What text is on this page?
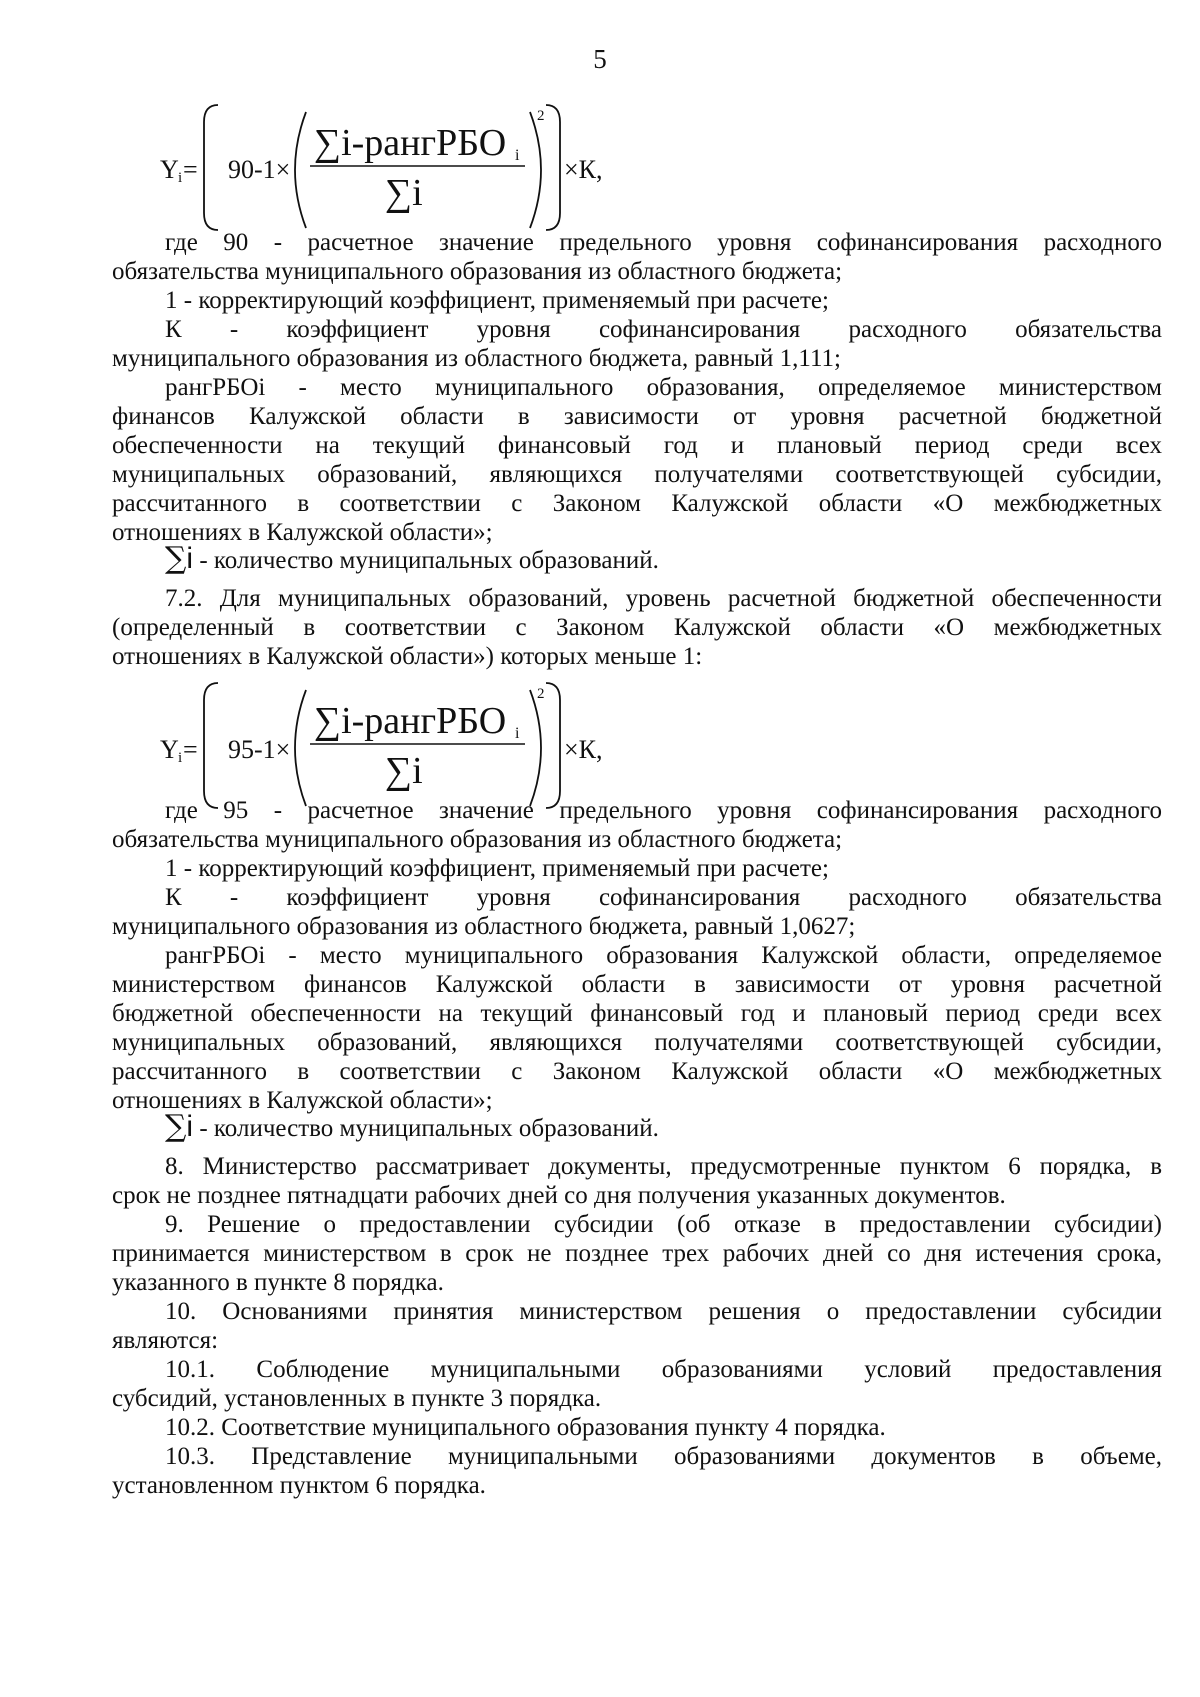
5
Y i = 90-1×
∑i-рангРБО i
∑i
2
×К,
где 90 - расчетное значение предельного уровня софинансирования расходного
обязательства муниципального образования из областного бюджета;
1 - корректирующий коэффициент, применяемый при расчете;
К - коэффициент уровня софинансирования расходного обязательства
муниципального образования из областного бюджета, равный 1,111;
рангРБОi - место муниципального образования, определяемое министерством
финансов Калужской области в зависимости от уровня расчетной бюджетной
обеспеченности на текущий финансовый год и плановый период среди всех
муниципальных образований, являющихся получателями соответствующей субсидии,
рассчитанного в соответствии с Законом Калужской области «О межбюджетных
отношениях в Калужской области»;
∑i - количество муниципальных образований.
7.2. Для муниципальных образований, уровень расчетной бюджетной обеспеченности
(определенный в соответствии с Законом Калужской области «О межбюджетных
отношениях в Калужской области») которых меньше 1:
Y i = 95-1×
∑i-рангРБО i
∑i
2
×К,
где 95 - расчетное значение предельного уровня софинансирования расходного
обязательства муниципального образования из областного бюджета;
1 - корректирующий коэффициент, применяемый при расчете;
К - коэффициент уровня софинансирования расходного обязательства
муниципального образования из областного бюджета, равный 1,0627;
рангРБОi - место муниципального образования Калужской области, определяемое
министерством финансов Калужской области в зависимости от уровня расчетной
бюджетной обеспеченности на текущий финансовый год и плановый период среди всех
муниципальных образований, являющихся получателями соответствующей субсидии,
рассчитанного в соответствии с Законом Калужской области «О межбюджетных
отношениях в Калужской области»;
∑i - количество муниципальных образований.
8. Министерство рассматривает документы, предусмотренные пунктом 6 порядка, в
срок не позднее пятнадцати рабочих дней со дня получения указанных документов.
9. Решение о предоставлении субсидии (об отказе в предоставлении субсидии)
принимается министерством в срок не позднее трех рабочих дней со дня истечения срока,
указанного в пункте 8 порядка.
10. Основаниями принятия министерством решения о предоставлении субсидии
являются:
10.1. Соблюдение муниципальными образованиями условий предоставления
субсидий, установленных в пункте 3 порядка.
10.2. Соответствие муниципального образования пункту 4 порядка.
10.3. Представление муниципальными образованиями документов в объеме,
установленном пунктом 6 порядка.
